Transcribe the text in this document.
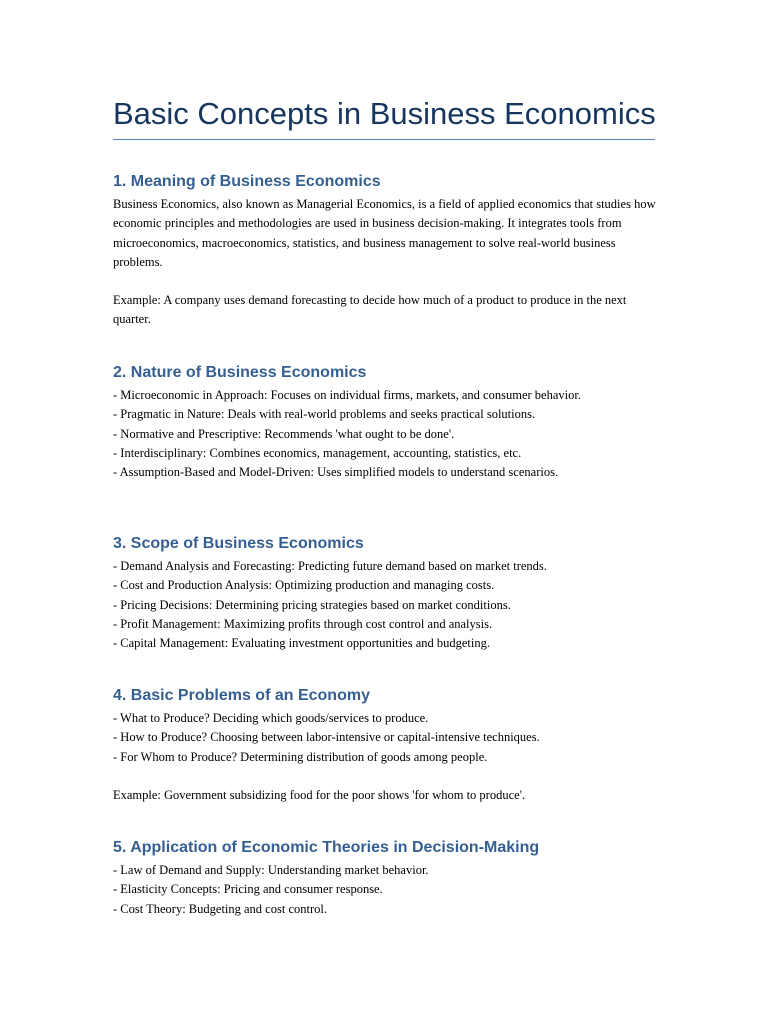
Basic Concepts in Business Economics
1. Meaning of Business Economics

Business Economics, also known as Managerial Economics, is a field of applied economics that studies how economic principles and methodologies are used in business decision-making. It integrates tools from microeconomics, macroeconomics, statistics, and business management to solve real-world business problems.

Example: A company uses demand forecasting to decide how much of a product to produce in the next quarter.

2. Nature of Business Economics
- Microeconomic in Approach: Focuses on individual firms, markets, and consumer behavior.
- Pragmatic in Nature: Deals with real-world problems and seeks practical solutions.
- Normative and Prescriptive: Recommends 'what ought to be done'.
- Interdisciplinary: Combines economics, management, accounting, statistics, etc.
- Assumption-Based and Model-Driven: Uses simplified models to understand scenarios.
3. Scope of Business Economics
- Demand Analysis and Forecasting: Predicting future demand based on market trends.
- Cost and Production Analysis: Optimizing production and managing costs.
- Pricing Decisions: Determining pricing strategies based on market conditions.
- Profit Management: Maximizing profits through cost control and analysis.
- Capital Management: Evaluating investment opportunities and budgeting.
4. Basic Problems of an Economy
- What to Produce? Deciding which goods/services to produce.
- How to Produce? Choosing between labor-intensive or capital-intensive techniques.
- For Whom to Produce? Determining distribution of goods among people.

Example: Government subsidizing food for the poor shows 'for whom to produce'.

5. Application of Economic Theories in Decision-Making
- Law of Demand and Supply: Understanding market behavior.
- Elasticity Concepts: Pricing and consumer response.
- Cost Theory: Budgeting and cost control.
